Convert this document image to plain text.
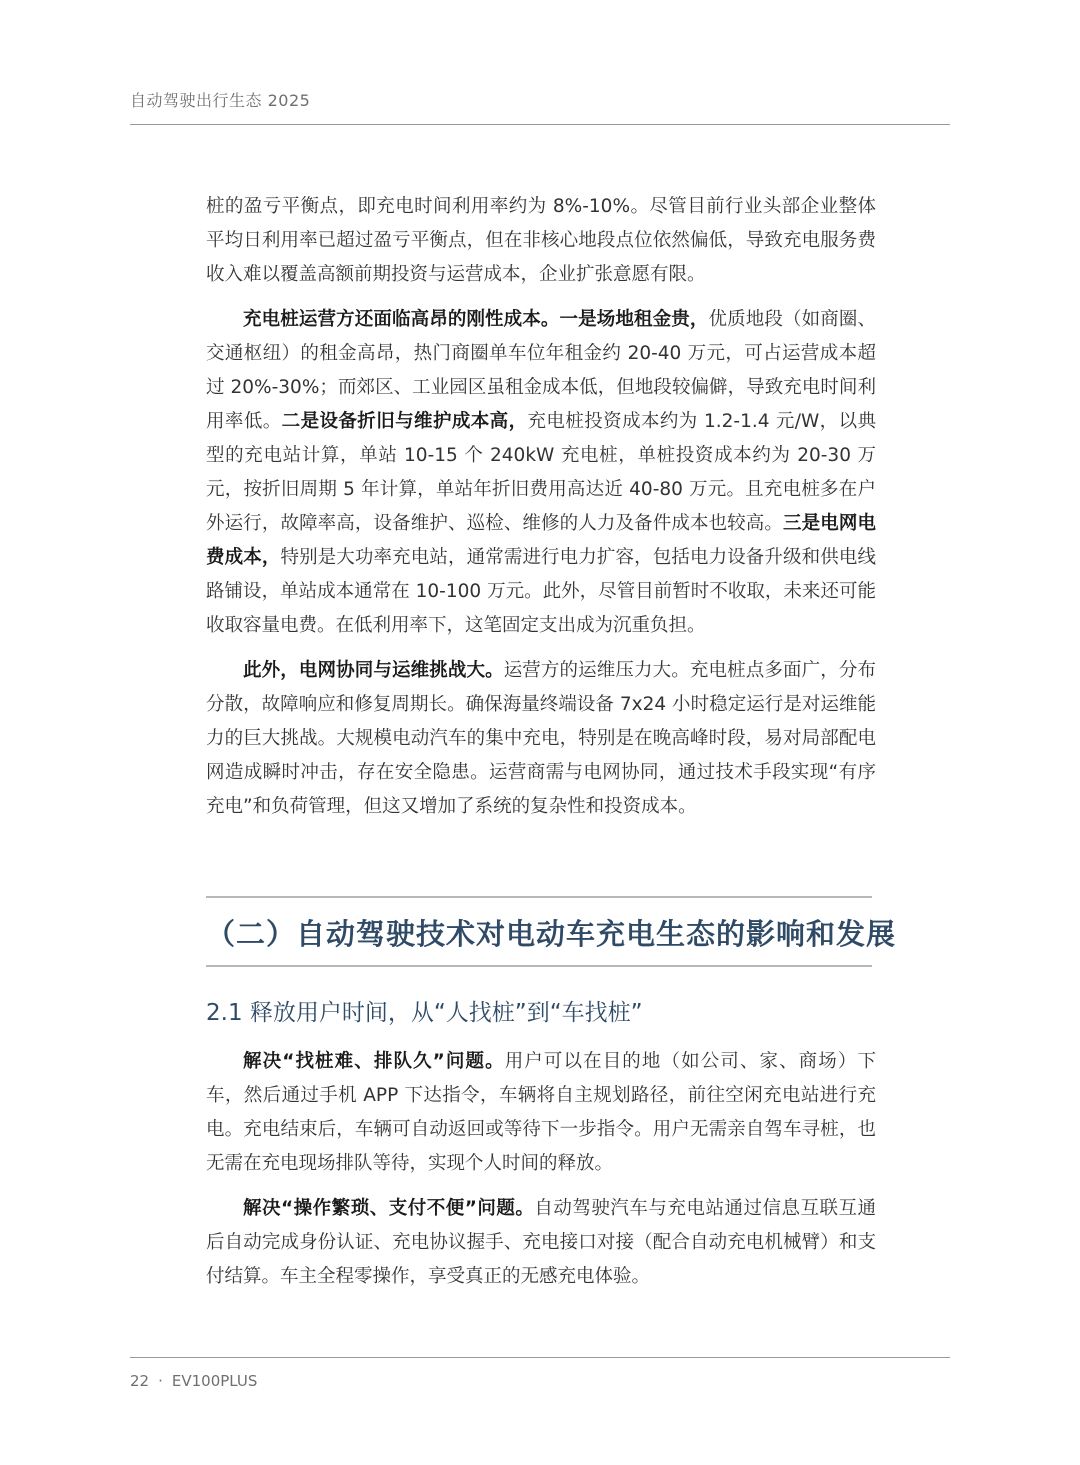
自动驾驶出行生态 2025

桩的盈亏平衡点，即充电时间利用率约为 8%-10%。尽管目前行业头部企业整体平均日利用率已超过盈亏平衡点，但在非核心地段点位依然偏低，导致充电服务费收入难以覆盖高额前期投资与运营成本，企业扩张意愿有限。

充电桩运营方还面临高昂的刚性成本。一是场地租金贵，优质地段（如商圈、交通枢纽）的租金高昂，热门商圈单车位年租金约 20-40 万元，可占运营成本超过 20%-30%；而郊区、工业园区虽租金成本低，但地段较偏僻，导致充电时间利用率低。二是设备折旧与维护成本高，充电桩投资成本约为 1.2-1.4 元/W，以典型的充电站计算，单站 10-15 个 240kW 充电桩，单桩投资成本约为 20-30 万元，按折旧周期 5 年计算，单站年折旧费用高达近 40-80 万元。且充电桩多在户外运行，故障率高，设备维护、巡检、维修的人力及备件成本也较高。三是电网电费成本，特别是大功率充电站，通常需进行电力扩容，包括电力设备升级和供电线路铺设，单站成本通常在 10-100 万元。此外，尽管目前暂时不收取，未来还可能收取容量电费。在低利用率下，这笔固定支出成为沉重负担。

此外，电网协同与运维挑战大。运营方的运维压力大。充电桩点多面广，分布分散，故障响应和修复周期长。确保海量终端设备 7x24 小时稳定运行是对运维能力的巨大挑战。大规模电动汽车的集中充电，特别是在晚高峰时段，易对局部配电网造成瞬时冲击，存在安全隐患。运营商需与电网协同，通过技术手段实现“有序充电”和负荷管理，但这又增加了系统的复杂性和投资成本。

（二）自动驾驶技术对电动车充电生态的影响和发展
2.1 释放用户时间，从“人找桩”到“车找桩”

解决“找桩难、排队久”问题。用户可以在目的地（如公司、家、商场）下车，然后通过手机 APP 下达指令，车辆将自主规划路径，前往空闲充电站进行充电。充电结束后，车辆可自动返回或等待下一步指令。用户无需亲自驾车寻桩，也无需在充电现场排队等待，实现个人时间的释放。

解决“操作繁琐、支付不便”问题。自动驾驶汽车与充电站通过信息互联互通后自动完成身份认证、充电协议握手、充电接口对接（配合自动充电机械臂）和支付结算。车主全程零操作，享受真正的无感充电体验。

22 · EV100PLUS
